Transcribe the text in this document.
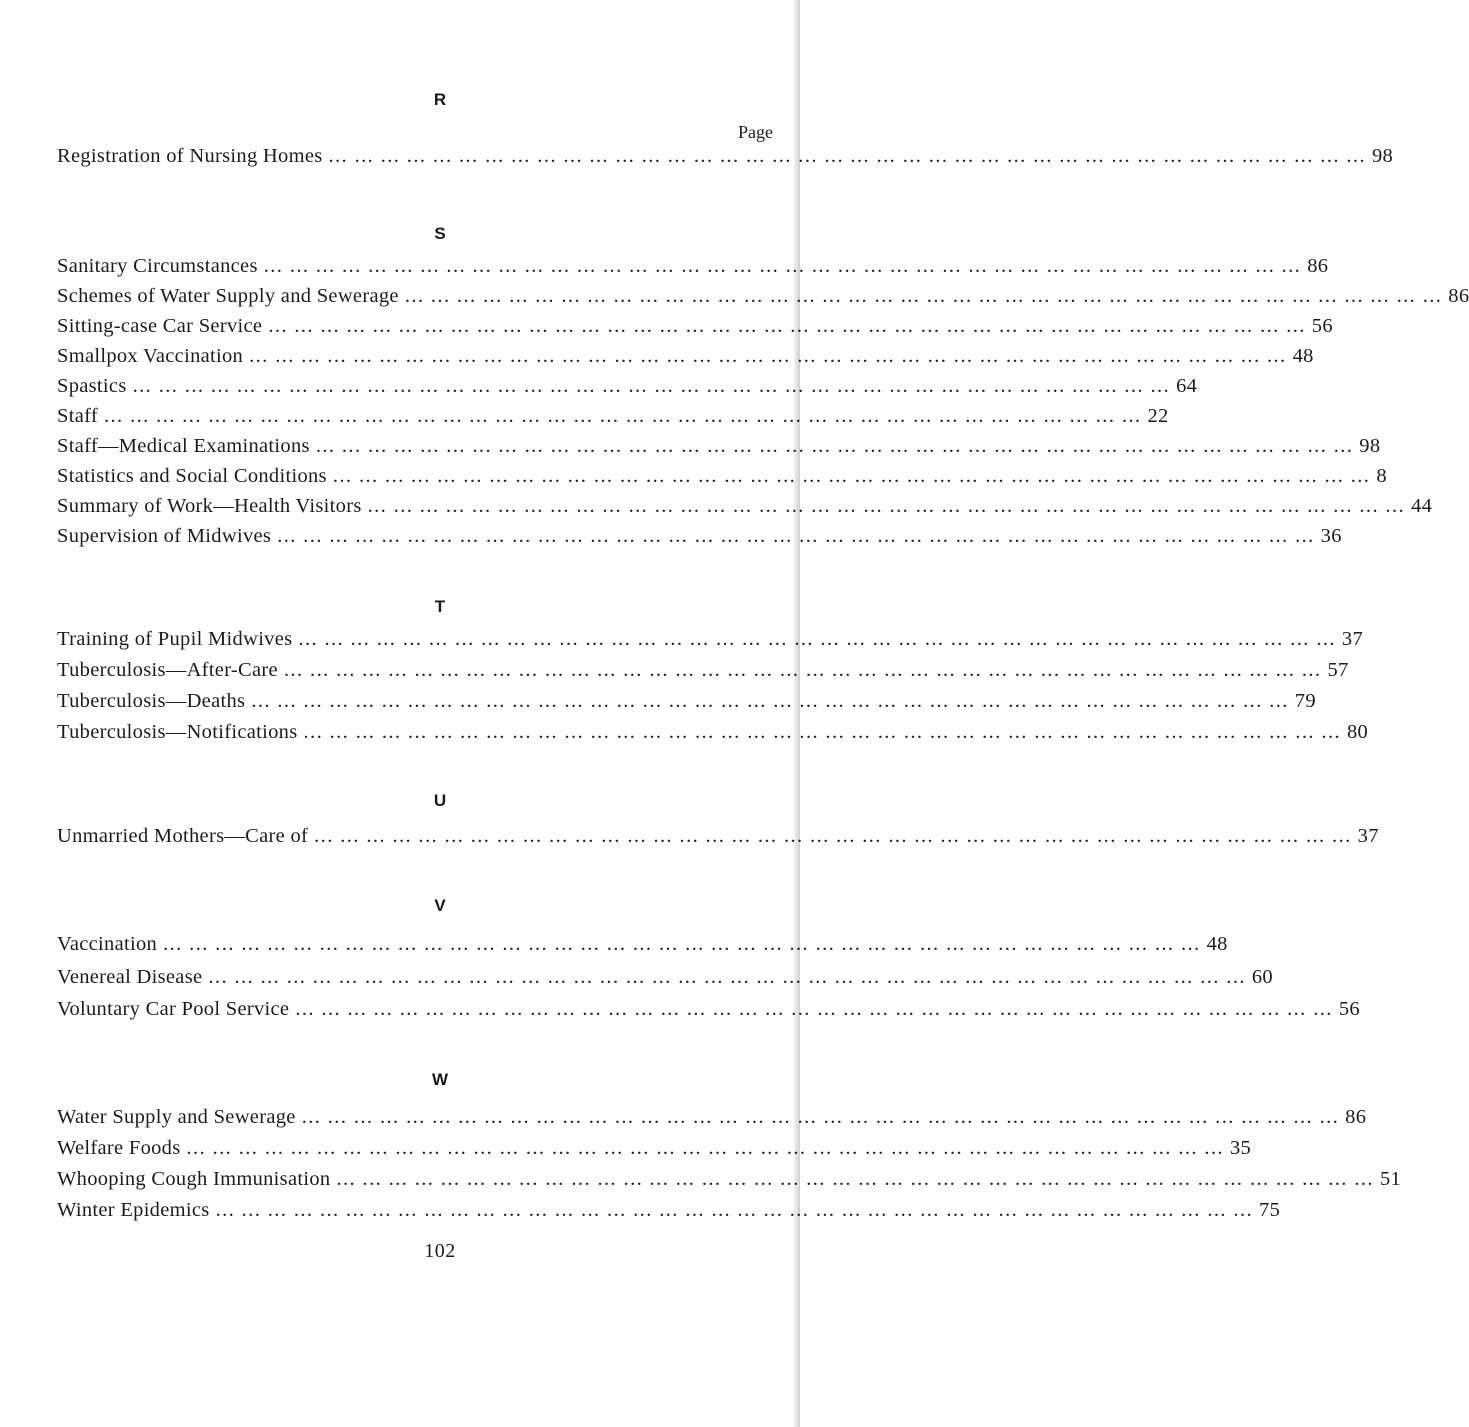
Page
R
Registration of Nursing Homes ... ... ... ... ... ... ... ... ... ... ... ... ... ... ... ... ... ... ... ... ... ... ... ... ... ... ... ... ... ... ... ... ... ... ... ... ... ... ... ... 98
S
Sanitary Circumstances ... ... ... ... ... ... ... ... ... ... ... ... ... ... ... ... ... ... ... ... ... ... ... ... ... ... ... ... ... ... ... ... ... ... ... ... ... ... ... ... 86
Schemes of Water Supply and Sewerage ... ... ... ... ... ... ... ... ... ... ... ... ... ... ... ... ... ... ... ... ... ... ... ... ... ... ... ... ... ... ... ... ... ... ... ... ... ... ... ... 86
Sitting-case Car Service ... ... ... ... ... ... ... ... ... ... ... ... ... ... ... ... ... ... ... ... ... ... ... ... ... ... ... ... ... ... ... ... ... ... ... ... ... ... ... ... 56
Smallpox Vaccination ... ... ... ... ... ... ... ... ... ... ... ... ... ... ... ... ... ... ... ... ... ... ... ... ... ... ... ... ... ... ... ... ... ... ... ... ... ... ... ... 48
Spastics ... ... ... ... ... ... ... ... ... ... ... ... ... ... ... ... ... ... ... ... ... ... ... ... ... ... ... ... ... ... ... ... ... ... ... ... ... ... ... ... 64
Staff ... ... ... ... ... ... ... ... ... ... ... ... ... ... ... ... ... ... ... ... ... ... ... ... ... ... ... ... ... ... ... ... ... ... ... ... ... ... ... ... 22
Staff—Medical Examinations ... ... ... ... ... ... ... ... ... ... ... ... ... ... ... ... ... ... ... ... ... ... ... ... ... ... ... ... ... ... ... ... ... ... ... ... ... ... ... ... 98
Statistics and Social Conditions ... ... ... ... ... ... ... ... ... ... ... ... ... ... ... ... ... ... ... ... ... ... ... ... ... ... ... ... ... ... ... ... ... ... ... ... ... ... ... ... 8
Summary of Work—Health Visitors ... ... ... ... ... ... ... ... ... ... ... ... ... ... ... ... ... ... ... ... ... ... ... ... ... ... ... ... ... ... ... ... ... ... ... ... ... ... ... ... 44
Supervision of Midwives ... ... ... ... ... ... ... ... ... ... ... ... ... ... ... ... ... ... ... ... ... ... ... ... ... ... ... ... ... ... ... ... ... ... ... ... ... ... ... ... 36
T
Training of Pupil Midwives ... ... ... ... ... ... ... ... ... ... ... ... ... ... ... ... ... ... ... ... ... ... ... ... ... ... ... ... ... ... ... ... ... ... ... ... ... ... ... ... 37
Tuberculosis—After-Care ... ... ... ... ... ... ... ... ... ... ... ... ... ... ... ... ... ... ... ... ... ... ... ... ... ... ... ... ... ... ... ... ... ... ... ... ... ... ... ... 57
Tuberculosis—Deaths ... ... ... ... ... ... ... ... ... ... ... ... ... ... ... ... ... ... ... ... ... ... ... ... ... ... ... ... ... ... ... ... ... ... ... ... ... ... ... ... 79
Tuberculosis—Notifications ... ... ... ... ... ... ... ... ... ... ... ... ... ... ... ... ... ... ... ... ... ... ... ... ... ... ... ... ... ... ... ... ... ... ... ... ... ... ... ... 80
U
Unmarried Mothers—Care of ... ... ... ... ... ... ... ... ... ... ... ... ... ... ... ... ... ... ... ... ... ... ... ... ... ... ... ... ... ... ... ... ... ... ... ... ... ... ... ... 37
V
Vaccination ... ... ... ... ... ... ... ... ... ... ... ... ... ... ... ... ... ... ... ... ... ... ... ... ... ... ... ... ... ... ... ... ... ... ... ... ... ... ... ... 48
Venereal Disease ... ... ... ... ... ... ... ... ... ... ... ... ... ... ... ... ... ... ... ... ... ... ... ... ... ... ... ... ... ... ... ... ... ... ... ... ... ... ... ... 60
Voluntary Car Pool Service ... ... ... ... ... ... ... ... ... ... ... ... ... ... ... ... ... ... ... ... ... ... ... ... ... ... ... ... ... ... ... ... ... ... ... ... ... ... ... ... 56
W
Water Supply and Sewerage ... ... ... ... ... ... ... ... ... ... ... ... ... ... ... ... ... ... ... ... ... ... ... ... ... ... ... ... ... ... ... ... ... ... ... ... ... ... ... ... 86
Welfare Foods ... ... ... ... ... ... ... ... ... ... ... ... ... ... ... ... ... ... ... ... ... ... ... ... ... ... ... ... ... ... ... ... ... ... ... ... ... ... ... ... 35
Whooping Cough Immunisation ... ... ... ... ... ... ... ... ... ... ... ... ... ... ... ... ... ... ... ... ... ... ... ... ... ... ... ... ... ... ... ... ... ... ... ... ... ... ... ... 51
Winter Epidemics ... ... ... ... ... ... ... ... ... ... ... ... ... ... ... ... ... ... ... ... ... ... ... ... ... ... ... ... ... ... ... ... ... ... ... ... ... ... ... ... 75
102
